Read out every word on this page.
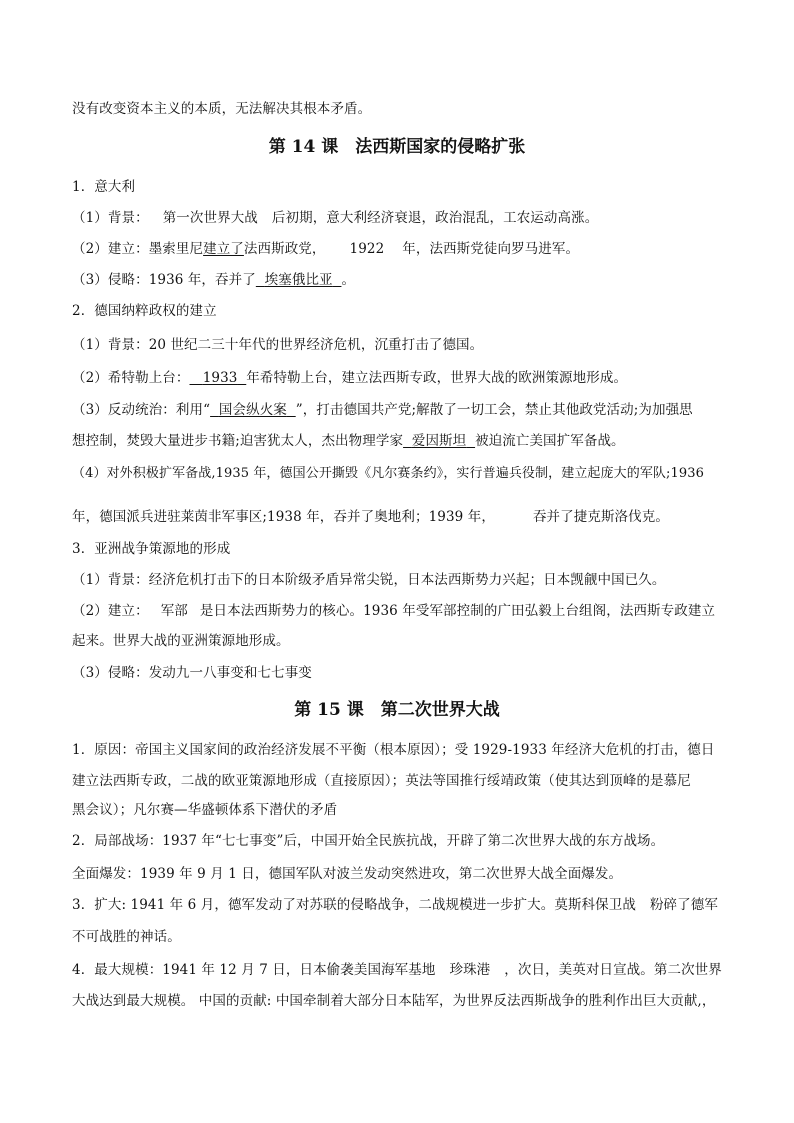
没有改变资本主义的本质，无法解决其根本矛盾。
第 14 课　法西斯国家的侵略扩张
1．意大利
（1）背景： 第一次世界大战 后初期，意大利经济衰退，政治混乱，工农运动高涨。
（2）建立：墨索里尼建立了法西斯政党， 1922 年，法西斯党徒向罗马进军。
（3）侵略：1936 年，吞并了 埃塞俄比亚 。
2．德国纳粹政权的建立
（1）背景：20 世纪二三十年代的世界经济危机，沉重打击了德国。
（2）希特勒上台： 1933 年希特勒上台，建立法西斯专政，世界大战的欧洲策源地形成。
（3）反动统治：利用“ 国会纵火案 ”，打击德国共产党;解散了一切工会，禁止其他政党活动;为加强思
想控制，焚毁大量进步书籍;迫害犹太人，杰出物理学家 爱因斯坦 被迫流亡美国扩军备战。
（4）对外积极扩军备战,1935 年，德国公开撕毁《凡尔赛条约》，实行普遍兵役制，建立起庞大的军队;1936
年，德国派兵进驻莱茵非军事区;1938 年，吞并了奥地利；1939 年，	吞并了捷克斯洛伐克。
3．亚洲战争策源地的形成
（1）背景：经济危机打击下的日本阶级矛盾异常尖锐，日本法西斯势力兴起；日本觊觎中国已久。
（2）建立： 军部 是日本法西斯势力的核心。1936 年受军部控制的广田弘毅上台组阁，法西斯专政建立
起来。世界大战的亚洲策源地形成。
（3）侵略：发动九一八事变和七七事变
第 15 课　第二次世界大战
1．原因：帝国主义国家间的政治经济发展不平衡（根本原因）；受 1929-1933 年经济大危机的打击，德日
建立法西斯专政，二战的欧亚策源地形成（直接原因）；英法等国推行绥靖政策（使其达到顶峰的是慕尼
黑会议）；凡尔赛—华盛顿体系下潜伏的矛盾
2．局部战场：1937 年“七七事变”后，中国开始全民族抗战，开辟了第二次世界大战的东方战场。
全面爆发：1939 年 9 月 1 日，德国军队对波兰发动突然进攻，第二次世界大战全面爆发。
3．扩大: 1941 年 6 月，德军发动了对苏联的侵略战争，二战规模进一步扩大。莫斯科保卫战 粉碎了德军
不可战胜的神话。
4．最大规模：1941 年 12 月 7 日，日本偷袭美国海军基地 珍珠港 ，次日，美英对日宣战。第二次世界
大战达到最大规模。 中国的贡献: 中国牵制着大部分日本陆军，为世界反法西斯战争的胜利作出巨大贡献,，
